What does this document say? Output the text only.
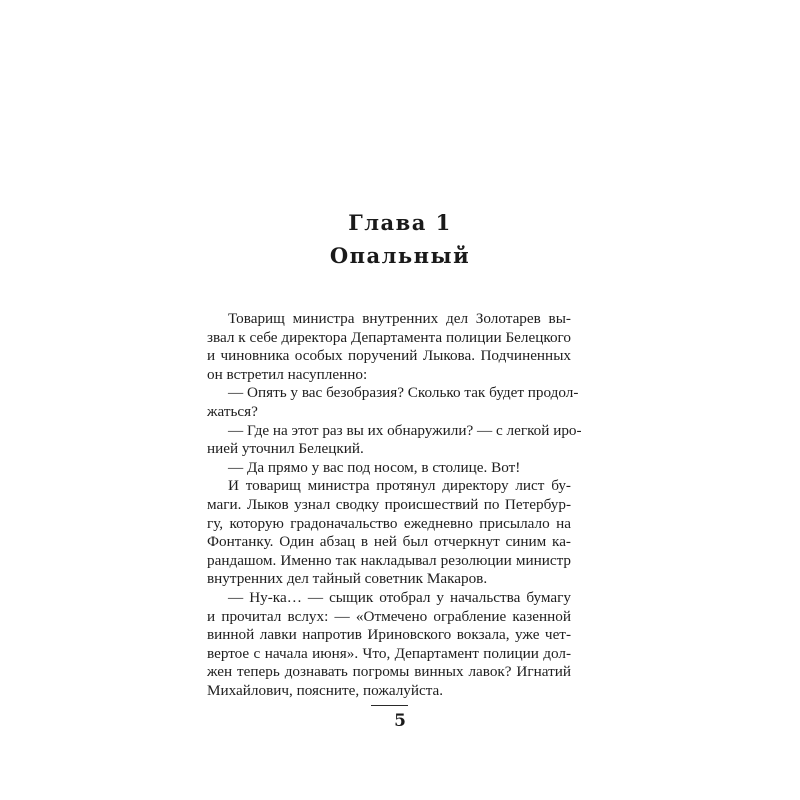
Глава 1
Опальный
Товарищ министра внутренних дел Золотарев вы-
звал к себе директора Департамента полиции Белецкого
и чиновника особых поручений Лыкова. Подчиненных
он встретил насупленно:
— Опять у вас безобразия? Сколько так будет продол-
жаться?
— Где на этот раз вы их обнаружили? — с легкой иро-
нией уточнил Белецкий.
— Да прямо у вас под носом, в столице. Вот!
И товарищ министра протянул директору лист бу-
маги. Лыков узнал сводку происшествий по Петербур-
гу, которую градоначальство ежедневно присылало на
Фонтанку. Один абзац в ней был отчеркнут синим ка-
рандашом. Именно так накладывал резолюции министр
внутренних дел тайный советник Макаров.
— Ну-ка… — сыщик отобрал у начальства бумагу
и прочитал вслух: — «Отмечено ограбление казенной
винной лавки напротив Ириновского вокзала, уже чет-
вертое с начала июня». Что, Департамент полиции дол-
жен теперь дознавать погромы винных лавок? Игнатий
Михайлович, поясните, пожалуйста.
5
